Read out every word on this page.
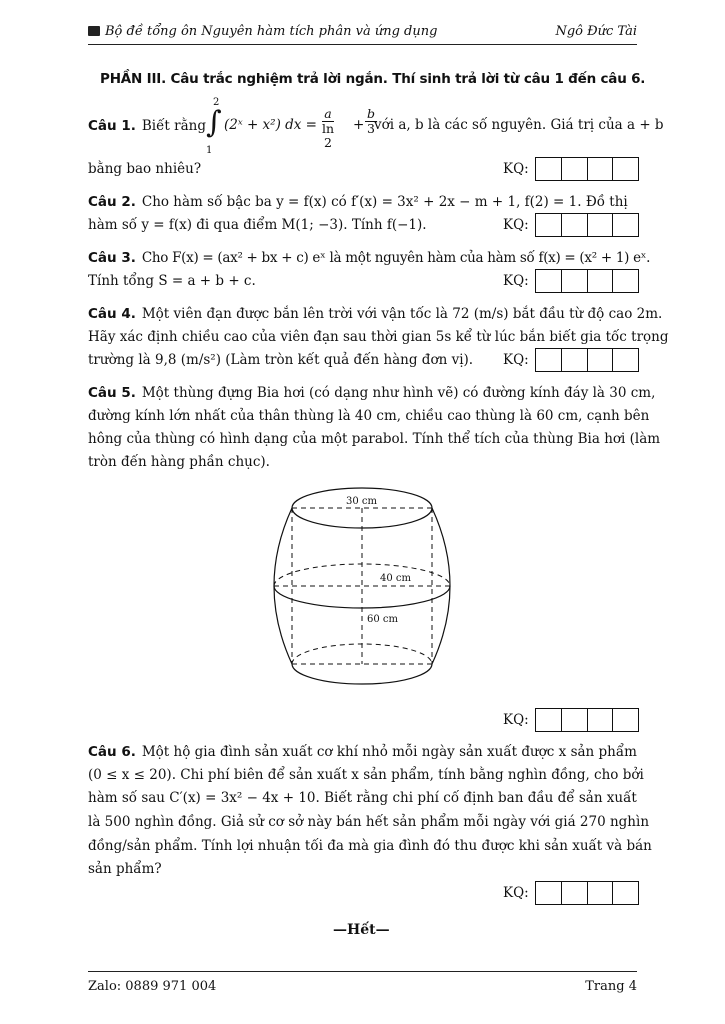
Bộ đề tổng ôn Nguyên hàm tích phân và ứng dụng	Ngô Đức Tài
PHẦN III. Câu trắc nghiệm trả lời ngắn. Thí sinh trả lời từ câu 1 đến câu 6.
Câu 1. Biết rằng
2
∫
1
(2ˣ + x²) dx = $\frac{a}{\ln 2} + \frac{b}{3}$
với a, b là các số nguyên. Giá trị của a + b
bằng bao nhiêu?	KQ:
Câu 2. Cho hàm số bậc ba y = f(x) có f′(x) = 3x² + 2x − m + 1, f(2) = 1. Đồ thị
hàm số y = f(x) đi qua điểm M(1; −3). Tính f(−1).	KQ:
Câu 3. Cho F(x) = (ax² + bx + c) eˣ là một nguyên hàm của hàm số f(x) = (x² + 1) eˣ.
Tính tổng S = a + b + c.	KQ:
Câu 4. Một viên đạn được bắn lên trời với vận tốc là 72 (m/s) bắt đầu từ độ cao 2m.
Hãy xác định chiều cao của viên đạn sau thời gian 5s kể từ lúc bắn biết gia tốc trọng
trường là 9,8 (m/s²) (Làm tròn kết quả đến hàng đơn vị). KQ:
Câu 5. Một thùng đựng Bia hơi (có dạng như hình vẽ) có đường kính đáy là 30 cm,
đường kính lớn nhất của thân thùng là 40 cm, chiều cao thùng là 60 cm, cạnh bên
hông của thùng có hình dạng của một parabol. Tính thể tích của thùng Bia hơi (làm
tròn đến hàng phần chục).
30 cm
40 cm
60 cm
KQ:
Câu 6. Một hộ gia đình sản xuất cơ khí nhỏ mỗi ngày sản xuất được x sản phẩm
(0 ≤ x ≤ 20). Chi phí biên để sản xuất x sản phẩm, tính bằng nghìn đồng, cho bởi
hàm số sau C′(x) = 3x² − 4x + 10. Biết rằng chi phí cố định ban đầu để sản xuất
là 500 nghìn đồng. Giả sử cơ sở này bán hết sản phẩm mỗi ngày với giá 270 nghìn
đồng/sản phẩm. Tính lợi nhuận tối đa mà gia đình đó thu được khi sản xuất và bán
sản phẩm?
KQ:
—Hết—
Zalo: 0889 971 004	Trang 4
